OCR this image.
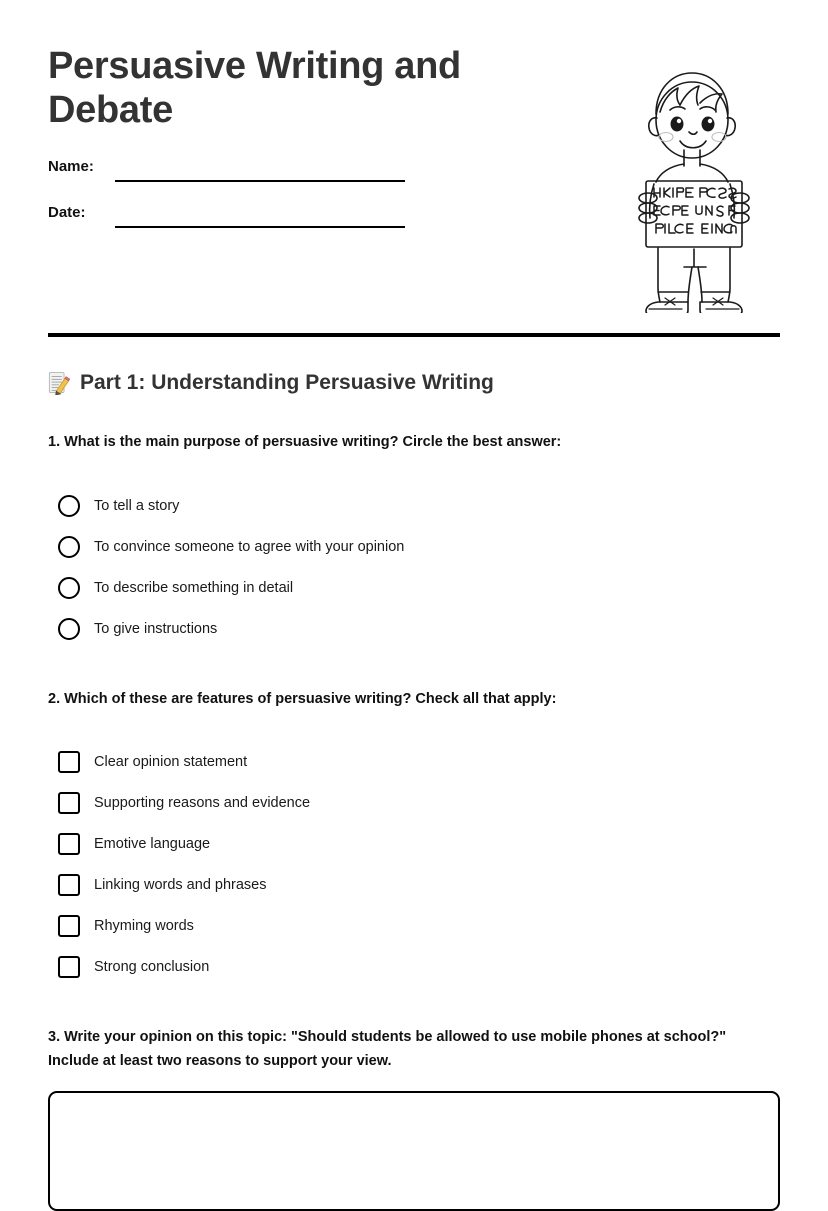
Persuasive Writing and Debate
Name:
Date:
Part 1: Understanding Persuasive Writing

1. What is the main purpose of persuasive writing? Circle the best answer:

To tell a story
To convince someone to agree with your opinion
To describe something in detail
To give instructions

2. Which of these are features of persuasive writing? Check all that apply:

Clear opinion statement
Supporting reasons and evidence
Emotive language
Linking words and phrases
Rhyming words
Strong conclusion

3. Write your opinion on this topic: "Should students be allowed to use mobile phones at school?" Include at least two reasons to support your view.
